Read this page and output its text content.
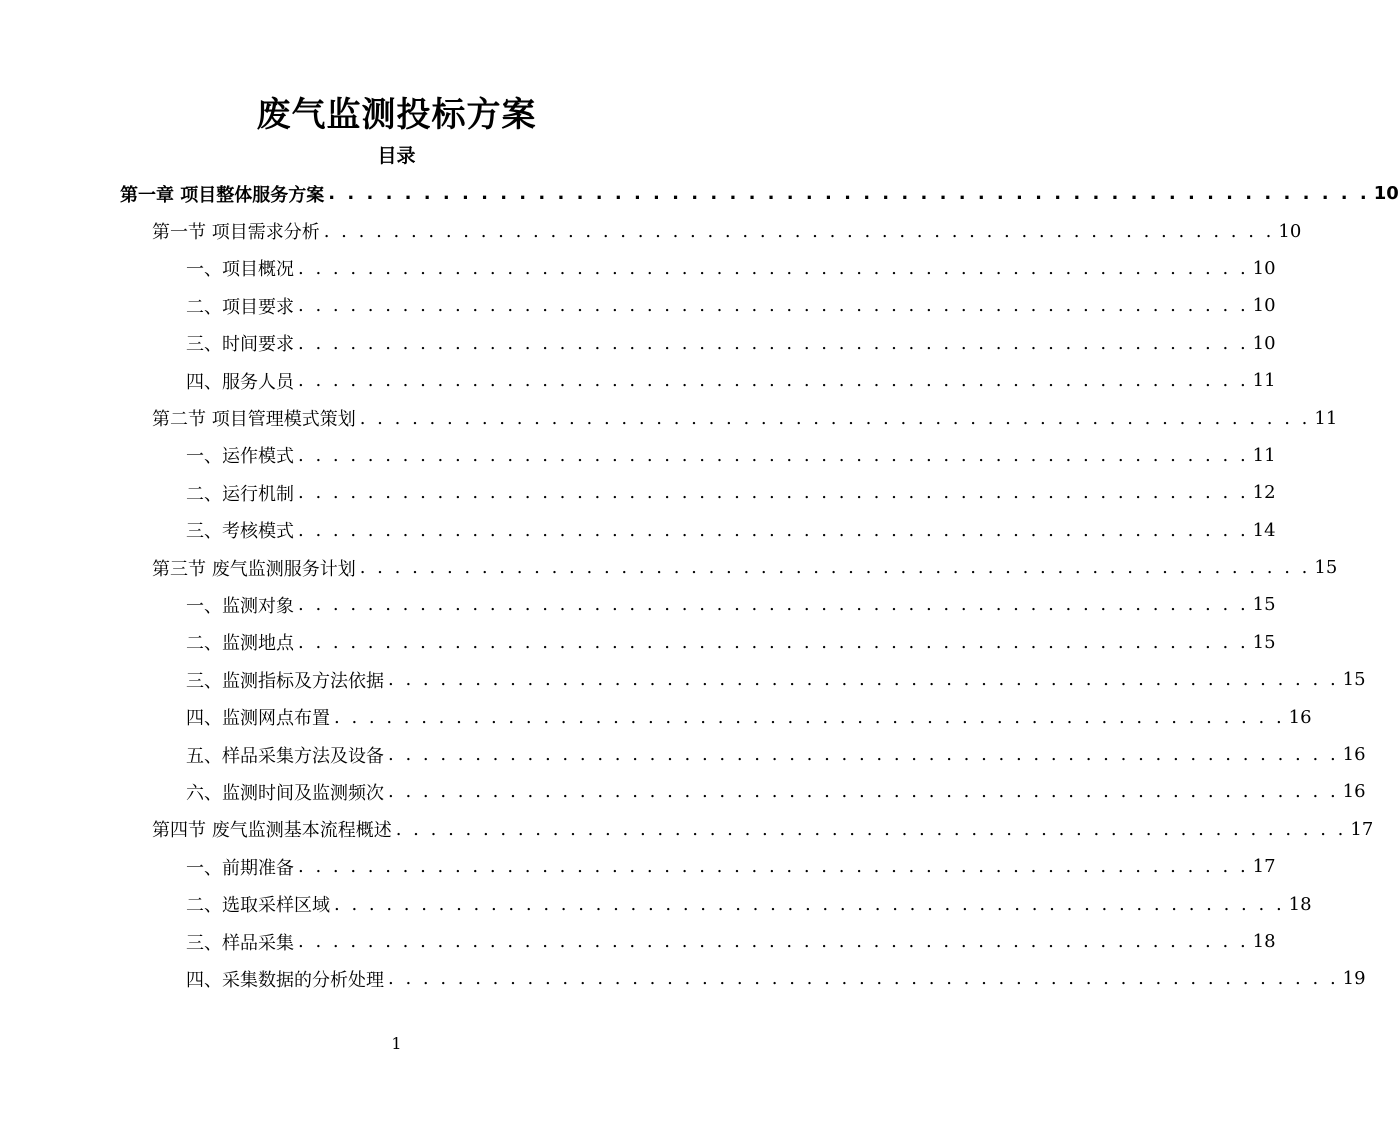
废气监测投标方案
目录
第一章 项目整体服务方案 . . . . . . . . . . . . . . . . . . . . . . . . . . . . . . . . . . . . . . . . . . . . . . . . . . . . . . . 10
第一节 项目需求分析 . . . . . . . . . . . . . . . . . . . . . . . . . . . . . . . . . . . . . . . . . . . . . . . . . . . . . . . 10
一、项目概况 . . . . . . . . . . . . . . . . . . . . . . . . . . . . . . . . . . . . . . . . . . . . . . . . . . . . . . . 10
二、项目要求 . . . . . . . . . . . . . . . . . . . . . . . . . . . . . . . . . . . . . . . . . . . . . . . . . . . . . . . 10
三、时间要求 . . . . . . . . . . . . . . . . . . . . . . . . . . . . . . . . . . . . . . . . . . . . . . . . . . . . . . . 10
四、服务人员 . . . . . . . . . . . . . . . . . . . . . . . . . . . . . . . . . . . . . . . . . . . . . . . . . . . . . . . 11
第二节 项目管理模式策划 . . . . . . . . . . . . . . . . . . . . . . . . . . . . . . . . . . . . . . . . . . . . . . . . . . . . . . . 11
一、运作模式 . . . . . . . . . . . . . . . . . . . . . . . . . . . . . . . . . . . . . . . . . . . . . . . . . . . . . . . 11
二、运行机制 . . . . . . . . . . . . . . . . . . . . . . . . . . . . . . . . . . . . . . . . . . . . . . . . . . . . . . . 12
三、考核模式 . . . . . . . . . . . . . . . . . . . . . . . . . . . . . . . . . . . . . . . . . . . . . . . . . . . . . . . 14
第三节 废气监测服务计划 . . . . . . . . . . . . . . . . . . . . . . . . . . . . . . . . . . . . . . . . . . . . . . . . . . . . . . . 15
一、监测对象 . . . . . . . . . . . . . . . . . . . . . . . . . . . . . . . . . . . . . . . . . . . . . . . . . . . . . . . 15
二、监测地点 . . . . . . . . . . . . . . . . . . . . . . . . . . . . . . . . . . . . . . . . . . . . . . . . . . . . . . . 15
三、监测指标及方法依据 . . . . . . . . . . . . . . . . . . . . . . . . . . . . . . . . . . . . . . . . . . . . . . . . . . . . . . . 15
四、监测网点布置 . . . . . . . . . . . . . . . . . . . . . . . . . . . . . . . . . . . . . . . . . . . . . . . . . . . . . . . 16
五、样品采集方法及设备 . . . . . . . . . . . . . . . . . . . . . . . . . . . . . . . . . . . . . . . . . . . . . . . . . . . . . . . 16
六、监测时间及监测频次 . . . . . . . . . . . . . . . . . . . . . . . . . . . . . . . . . . . . . . . . . . . . . . . . . . . . . . . 16
第四节 废气监测基本流程概述 . . . . . . . . . . . . . . . . . . . . . . . . . . . . . . . . . . . . . . . . . . . . . . . . . . . . . . . 17
一、前期准备 . . . . . . . . . . . . . . . . . . . . . . . . . . . . . . . . . . . . . . . . . . . . . . . . . . . . . . . 17
二、选取采样区域 . . . . . . . . . . . . . . . . . . . . . . . . . . . . . . . . . . . . . . . . . . . . . . . . . . . . . . . 18
三、样品采集 . . . . . . . . . . . . . . . . . . . . . . . . . . . . . . . . . . . . . . . . . . . . . . . . . . . . . . . 18
四、采集数据的分析处理 . . . . . . . . . . . . . . . . . . . . . . . . . . . . . . . . . . . . . . . . . . . . . . . . . . . . . . . 19
1
